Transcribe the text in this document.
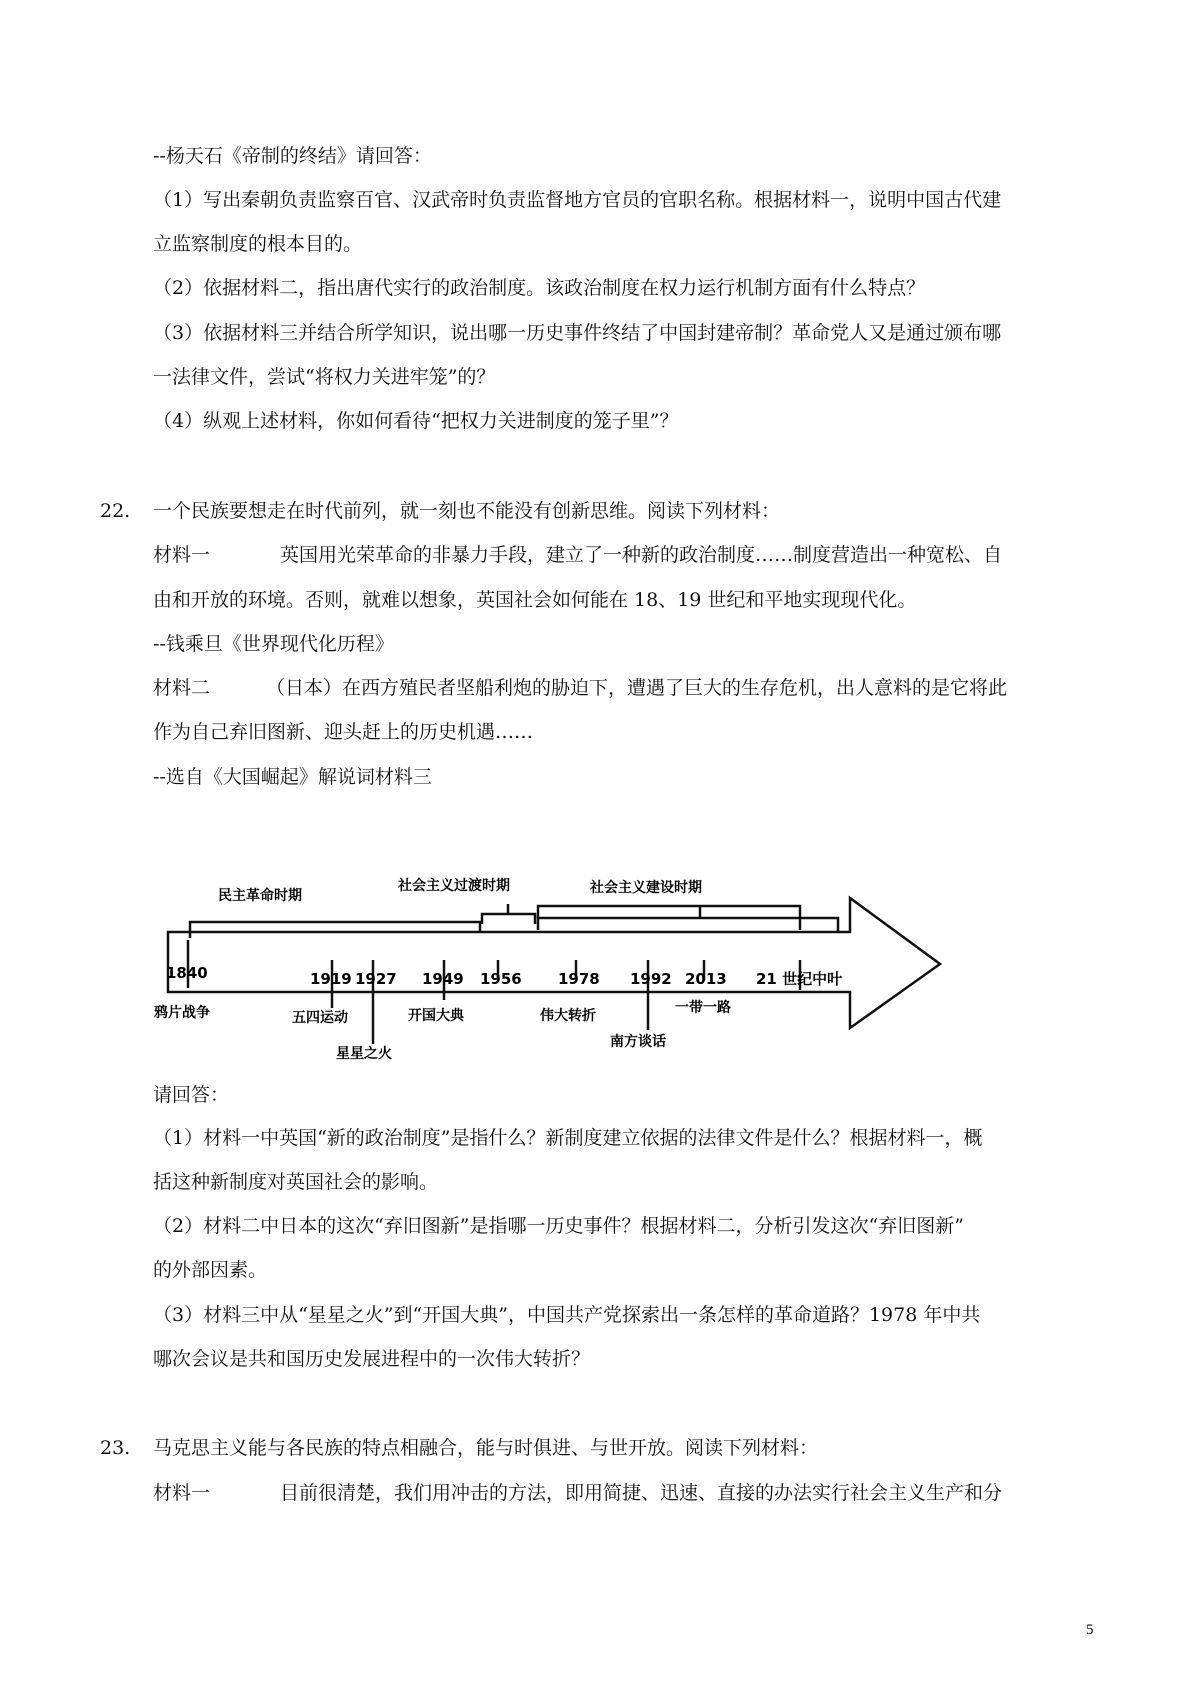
--杨天石《帝制的终结》请回答：
（1）写出秦朝负责监察百官、汉武帝时负责监督地方官员的官职名称。根据材料一，说明中国古代建
立监察制度的根本目的。
（2）依据材料二，指出唐代实行的政治制度。该政治制度在权力运行机制方面有什么特点？
（3）依据材料三并结合所学知识，说出哪一历史事件终结了中国封建帝制？革命党人又是通过颁布哪
一法律文件，尝试“将权力关进牢笼”的？
（4）纵观上述材料，你如何看待“把权力关进制度的笼子里”？
22. 一个民族要想走在时代前列，就一刻也不能没有创新思维。阅读下列材料：
材料一	英国用光荣革命的非暴力手段，建立了一种新的政治制度……制度营造出一种宽松、自
由和开放的环境。否则，就难以想象，英国社会如何能在 18、19 世纪和平地实现现代化。
--钱乘旦《世界现代化历程》
材料二	（日本）在西方殖民者坚船利炮的胁迫下，遭遇了巨大的生存危机，出人意料的是它将此
作为自己弃旧图新、迎头赶上的历史机遇……
--选自《大国崛起》解说词材料三
民主革命时期
社会主义过渡时期	社会主义建设时期
1840	1919 1927 1949 1956 1978 1992 2013 21 世纪中叶
鸦片战争	五四运动
星星之火
开国大典	伟大转折
南方谈话
一带一路
请回答：
（1）材料一中英国“新的政治制度”是指什么？新制度建立依据的法律文件是什么？根据材料一，概
括这种新制度对英国社会的影响。
（2）材料二中日本的这次“弃旧图新”是指哪一历史事件？根据材料二，分析引发这次“弃旧图新”
的外部因素。
（3）材料三中从“星星之火”到“开国大典”，中国共产党探索出一条怎样的革命道路？1978 年中共
哪次会议是共和国历史发展进程中的一次伟大转折？
23. 马克思主义能与各民族的特点相融合，能与时俱进、与世开放。阅读下列材料：
材料一	目前很清楚，我们用冲击的方法，即用简捷、迅速、直接的办法实行社会主义生产和分
5
